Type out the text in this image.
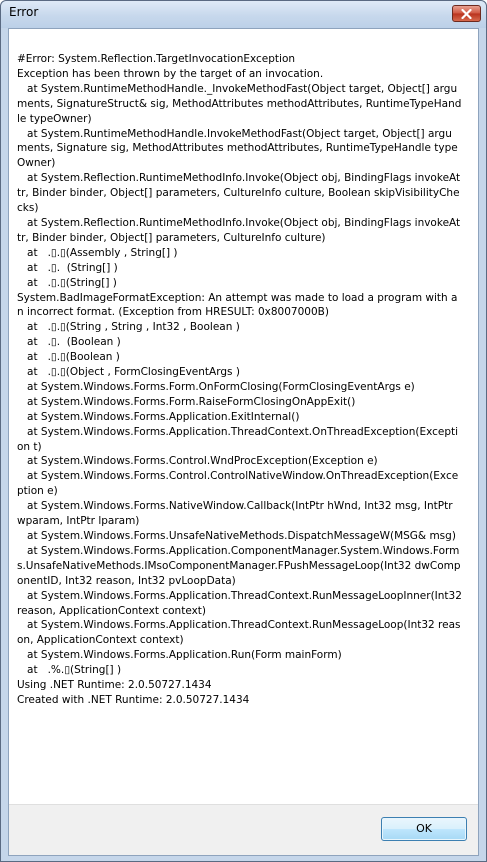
Error
#Error: System.Reflection.TargetInvocationException
Exception has been thrown by the target of an invocation.
at System.RuntimeMethodHandle._InvokeMethodFast(Object target, Object[] arguments, SignatureStruct& sig, MethodAttributes methodAttributes, RuntimeTypeHandle typeOwner)
at System.RuntimeMethodHandle.InvokeMethodFast(Object target, Object[] arguments, Signature sig, MethodAttributes methodAttributes, RuntimeTypeHandle typeOwner)
at System.Reflection.RuntimeMethodInfo.Invoke(Object obj, BindingFlags invokeAttr, Binder binder, Object[] parameters, CultureInfo culture, Boolean skipVisibilityChecks)
at System.Reflection.RuntimeMethodInfo.Invoke(Object obj, BindingFlags invokeAttr, Binder binder, Object[] parameters, CultureInfo culture)
at   .▯.▯(Assembly , String[] )
at   .▯.  (String[] )
at   .▯.▯(String[] )
System.BadImageFormatException: An attempt was made to load a program with an incorrect format. (Exception from HRESULT: 0x8007000B)
at   .▯.▯(String , String , Int32 , Boolean )
at   .▯.  (Boolean )
at   .▯.▯(Boolean )
at   .▯.▯(Object , FormClosingEventArgs )
at System.Windows.Forms.Form.OnFormClosing(FormClosingEventArgs e)
at System.Windows.Forms.Form.RaiseFormClosingOnAppExit()
at System.Windows.Forms.Application.ExitInternal()
at System.Windows.Forms.Application.ThreadContext.OnThreadException(Exception t)
at System.Windows.Forms.Control.WndProcException(Exception e)
at System.Windows.Forms.Control.ControlNativeWindow.OnThreadException(Exception e)
at System.Windows.Forms.NativeWindow.Callback(IntPtr hWnd, Int32 msg, IntPtr wparam, IntPtr lparam)
at System.Windows.Forms.UnsafeNativeMethods.DispatchMessageW(MSG& msg)
at System.Windows.Forms.Application.ComponentManager.System.Windows.Forms.UnsafeNativeMethods.IMsoComponentManager.FPushMessageLoop(Int32 dwComponentID, Int32 reason, Int32 pvLoopData)
at System.Windows.Forms.Application.ThreadContext.RunMessageLoopInner(Int32 reason, ApplicationContext context)
at System.Windows.Forms.Application.ThreadContext.RunMessageLoop(Int32 reason, ApplicationContext context)
at System.Windows.Forms.Application.Run(Form mainForm)
at   .%.▯(String[] )
Using .NET Runtime: 2.0.50727.1434
Created with .NET Runtime: 2.0.50727.1434
OK
